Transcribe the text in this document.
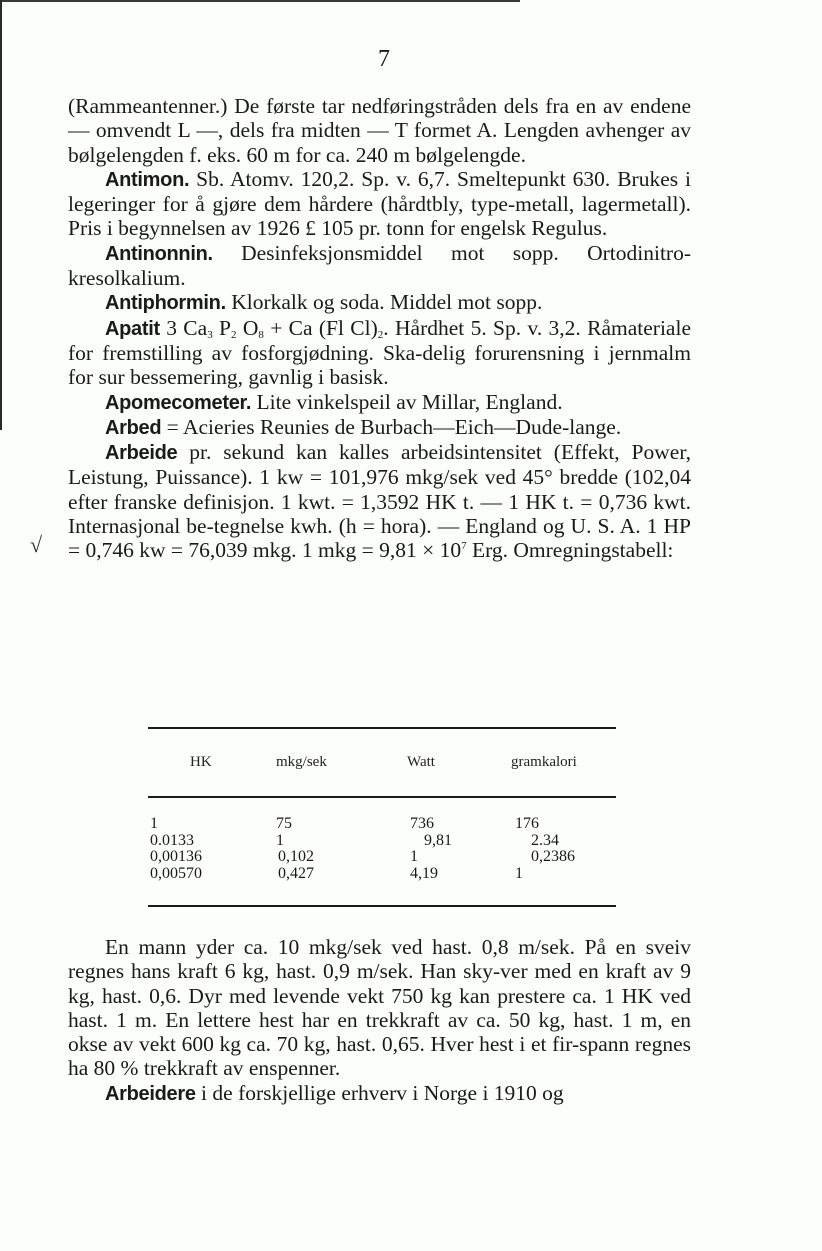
7
√

(Rammeantenner.) De første tar nedføringstråden dels fra en av endene — omvendt L —, dels fra midten — T formet A. Lengden avhenger av bølgelengden f. eks. 60 m for ca. 240 m bølgelengde.

Antimon. Sb. Atomv. 120,2. Sp. v. 6,7. Smeltepunkt 630. Brukes i legeringer for å gjøre dem hårdere (hårdtbly, type-metall, lagermetall). Pris i begynnelsen av 1926 £ 105 pr. tonn for engelsk Regulus.

Antinonnin. Desinfeksjonsmiddel mot sopp. Ortodinitro-kresolkalium.

Antiphormin. Klorkalk og soda. Middel mot sopp.

Apatit 3 $Ca_3$ $P_2$ $O_8 + Ca$ (Fl $Cl)_2$. Hårdhet 5. Sp. v. 3,2. Råmateriale for fremstilling av fosforgjødning. Ska-delig forurensning i jernmalm for sur bessemering, gavnlig i basisk.

Apomecometer. Lite vinkelspeil av Millar, England.

Arbed = Acieries Reunies de Burbach—Eich—Dude-lange.

Arbeide pr. sekund kan kalles arbeidsintensitet (Effekt, Power, Leistung, Puissance). 1 kw = 101,976 mkg/sek ved 45° bredde (102,04 efter franske definisjon. 1 kwt. = 1,3592 HK t. — 1 HK t. = 0,736 kwt. Internasjonal be-tegnelse kwh. (h = hora). — England og U. S. A. 1 HP = 0,746 kw = 76,039 mkg. 1 mkg = $9,81 \times 10^7$ Erg. Omregningstabell:

HK	mkg/sek	Watt	gramkalori
1	75	736	176
0.0133	1	9,81	2.34
0,00136	0,102	1	0,2386
0,00570	0,427	4,19	1

En mann yder ca. 10 mkg/sek ved hast. 0,8 m/sek. På en sveiv regnes hans kraft 6 kg, hast. 0,9 m/sek. Han sky-ver med en kraft av 9 kg, hast. 0,6. Dyr med levende vekt 750 kg kan prestere ca. 1 HK ved hast. 1 m. En lettere hest har en trekkraft av ca. 50 kg, hast. 1 m, en okse av vekt 600 kg ca. 70 kg, hast. 0,65. Hver hest i et fir-spann regnes ha 80 % trekkraft av enspenner.

Arbeidere i de forskjellige erhverv i Norge i 1910 og
